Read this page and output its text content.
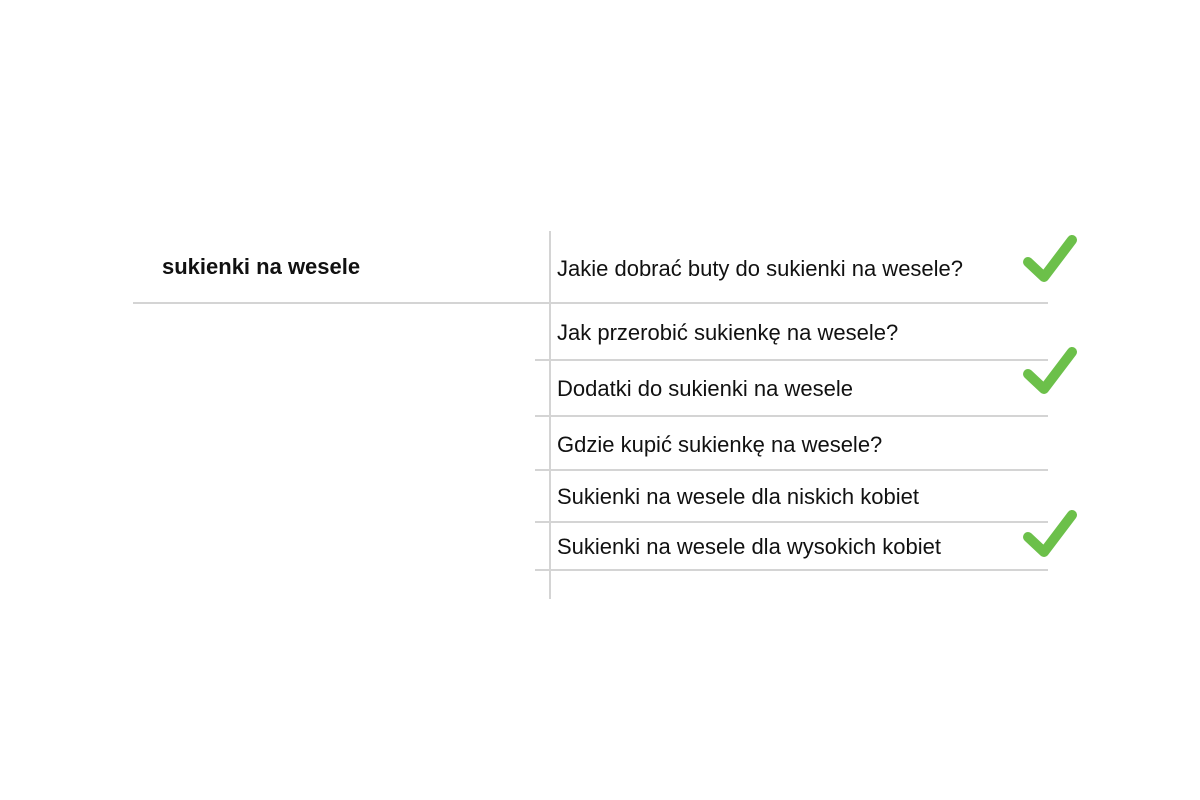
sukienki na wesele	Jakie dobrać buty do sukienki na wesele?
Jak przerobić sukienkę na wesele?
Dodatki do sukienki na wesele
Gdzie kupić sukienkę na wesele?
Sukienki na wesele dla niskich kobiet
Sukienki na wesele dla wysokich kobiet
